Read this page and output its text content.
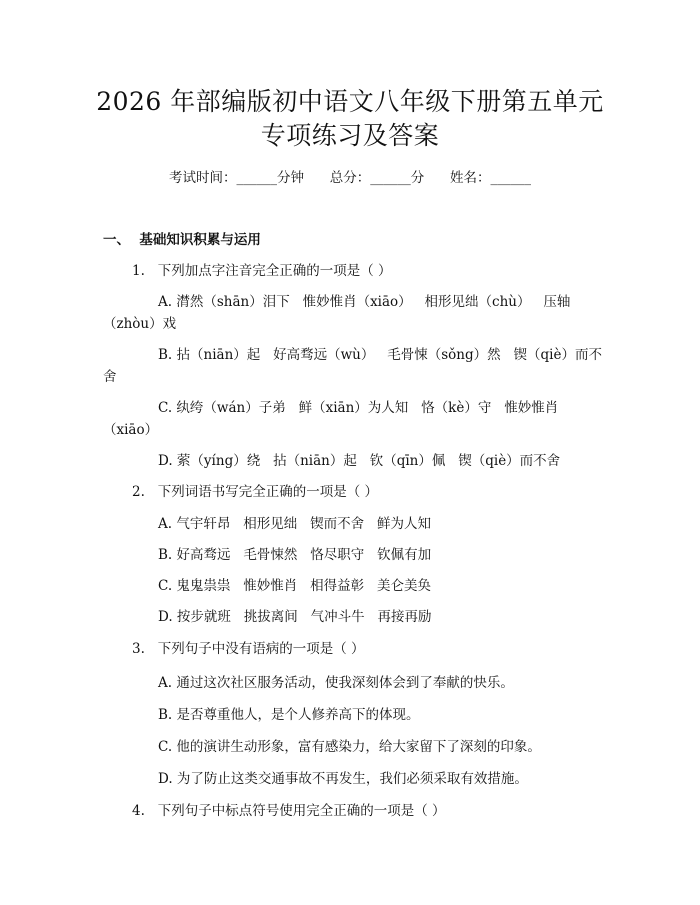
2026 年部编版初中语文八年级下册第五单元
专项练习及答案
考试时间：______分钟      总分：______分      姓名：______
一、  基础知识积累与运用
1.   下列加点字注音完全正确的一项是（ ）
A. 潸然（shān）泪下   惟妙惟肖（xiāo）   相形见绌（chù）   压轴
（zhòu）戏
B. 拈（niān）起   好高骛远（wù）   毛骨悚（sǒng）然   锲（qiè）而不
舍
C. 纨绔（wán）子弟   鲜（xiān）为人知   恪（kè）守   惟妙惟肖
（xiāo）
D. 萦（yíng）绕   拈（niān）起   钦（qīn）佩   锲（qiè）而不舍
2.   下列词语书写完全正确的一项是（ ）
A. 气宇轩昂   相形见绌   锲而不舍   鲜为人知
B. 好高骛远   毛骨悚然   恪尽职守   钦佩有加
C. 鬼鬼祟祟   惟妙惟肖   相得益彰   美仑美奂
D. 按步就班   挑拔离间   气冲斗牛   再接再励
3.   下列句子中没有语病的一项是（ ）
A. 通过这次社区服务活动，使我深刻体会到了奉献的快乐。
B. 是否尊重他人，是个人修养高下的体现。
C. 他的演讲生动形象，富有感染力，给大家留下了深刻的印象。
D. 为了防止这类交通事故不再发生，我们必须采取有效措施。
4.   下列句子中标点符号使用完全正确的一项是（ ）
